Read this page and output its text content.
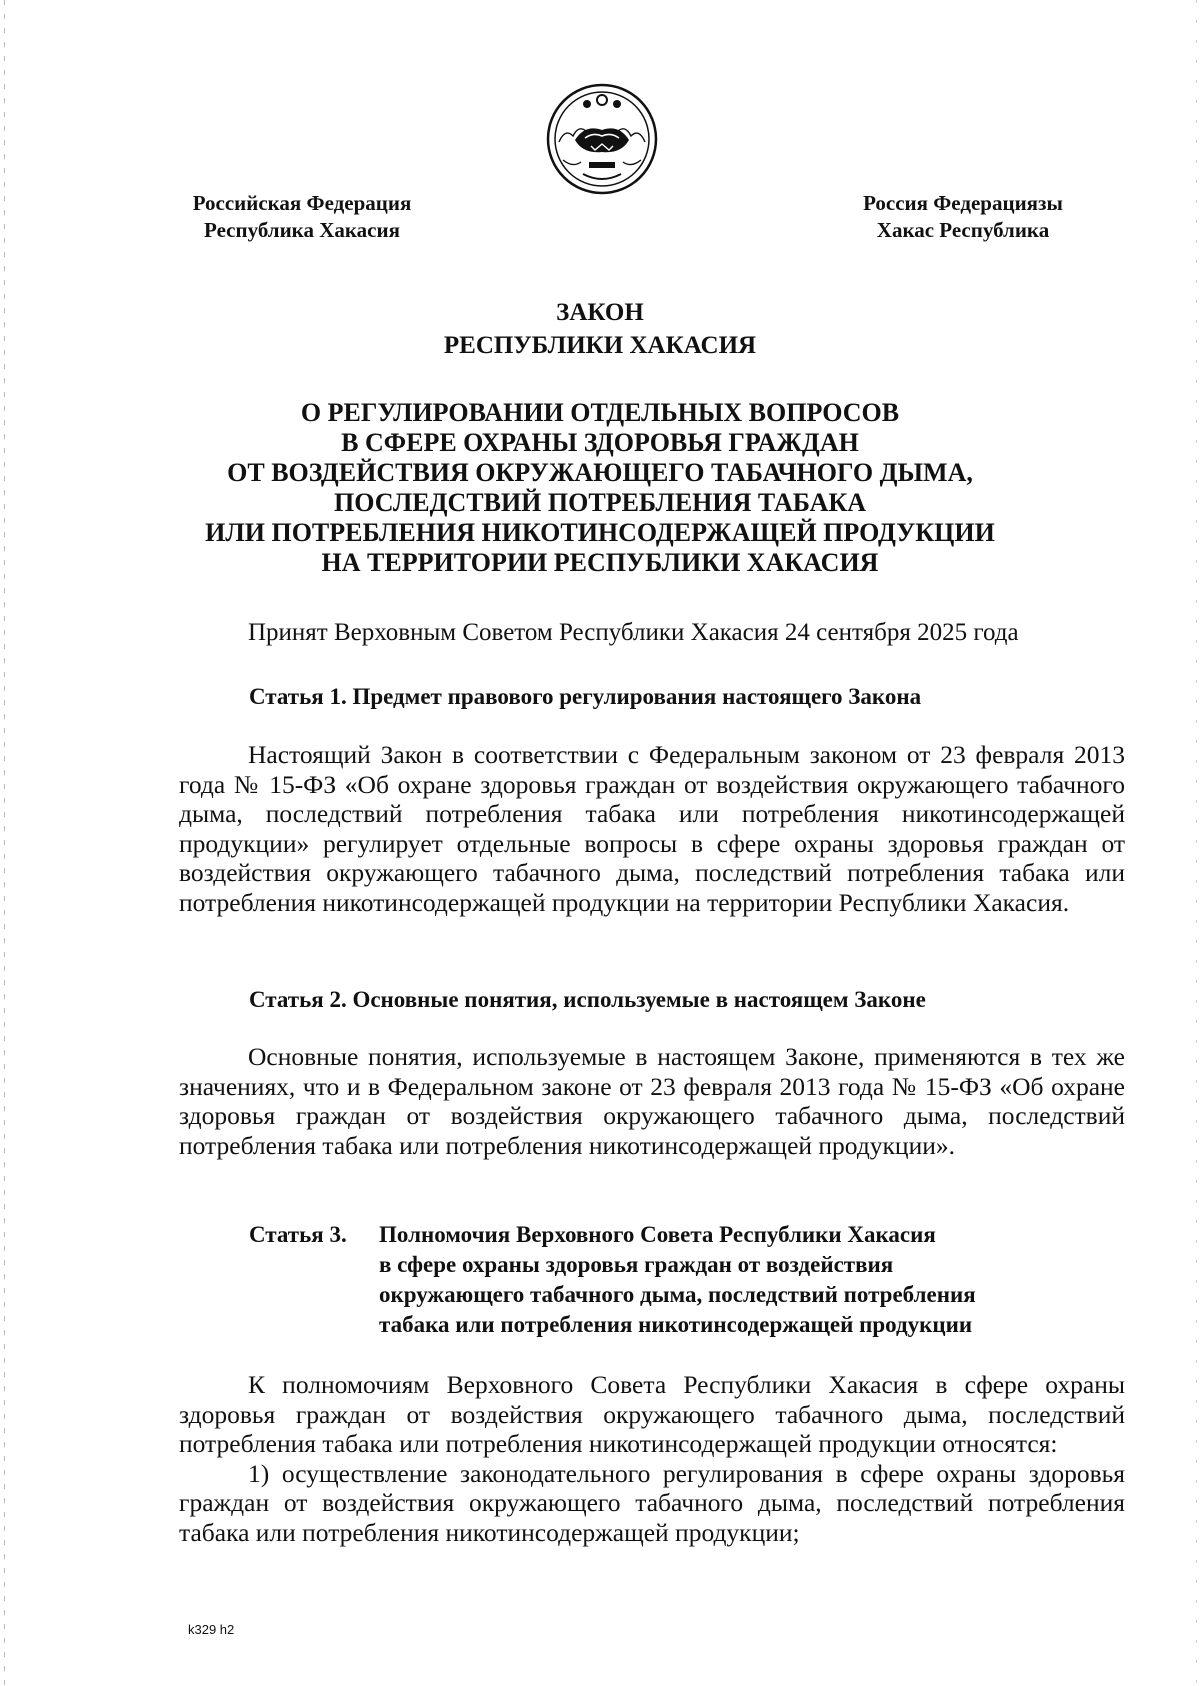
Российская Федерация
Республика Хакасия
Россия Федерациязы
Хакас Республика
ЗАКОН
РЕСПУБЛИКИ ХАКАСИЯ
О РЕГУЛИРОВАНИИ ОТДЕЛЬНЫХ ВОПРОСОВ
В СФЕРЕ ОХРАНЫ ЗДОРОВЬЯ ГРАЖДАН
ОТ ВОЗДЕЙСТВИЯ ОКРУЖАЮЩЕГО ТАБАЧНОГО ДЫМА,
ПОСЛЕДСТВИЙ ПОТРЕБЛЕНИЯ ТАБАКА
ИЛИ ПОТРЕБЛЕНИЯ НИКОТИНСОДЕРЖАЩЕЙ ПРОДУКЦИИ
НА ТЕРРИТОРИИ РЕСПУБЛИКИ ХАКАСИЯ
Принят Верховным Советом Республики Хакасия 24 сентября 2025 года
Статья 1. Предмет правового регулирования настоящего Закона

Настоящий Закон в соответствии с Федеральным законом от 23 февраля 2013 года № 15-ФЗ «Об охране здоровья граждан от воздействия окружающего табачного дыма, последствий потребления табака или потребления никотинсодержащей продукции» регулирует отдельные вопросы в сфере охраны здоровья граждан от воздействия окружающего табачного дыма, последствий потребления табака или потребления никотинсодержащей продукции на территории Республики Хакасия.

Статья 2. Основные понятия, используемые в настоящем Законе

Основные понятия, используемые в настоящем Законе, применяются в тех же значениях, что и в Федеральном законе от 23 февраля 2013 года № 15-ФЗ «Об охране здоровья граждан от воздействия окружающего табачного дыма, последствий потребления табака или потребления никотинсодержащей продукции».

Статья 3. Полномочия Верховного Совета Республики Хакасия
в сфере охраны здоровья граждан от воздействия
окружающего табачного дыма, последствий потребления
табака или потребления никотинсодержащей продукции

К полномочиям Верховного Совета Республики Хакасия в сфере охраны здоровья граждан от воздействия окружающего табачного дыма, последствий потребления табака или потребления никотинсодержащей продукции относятся:

1) осуществление законодательного регулирования в сфере охраны здоровья граждан от воздействия окружающего табачного дыма, последствий потребления табака или потребления никотинсодержащей продукции;

k329 h2
